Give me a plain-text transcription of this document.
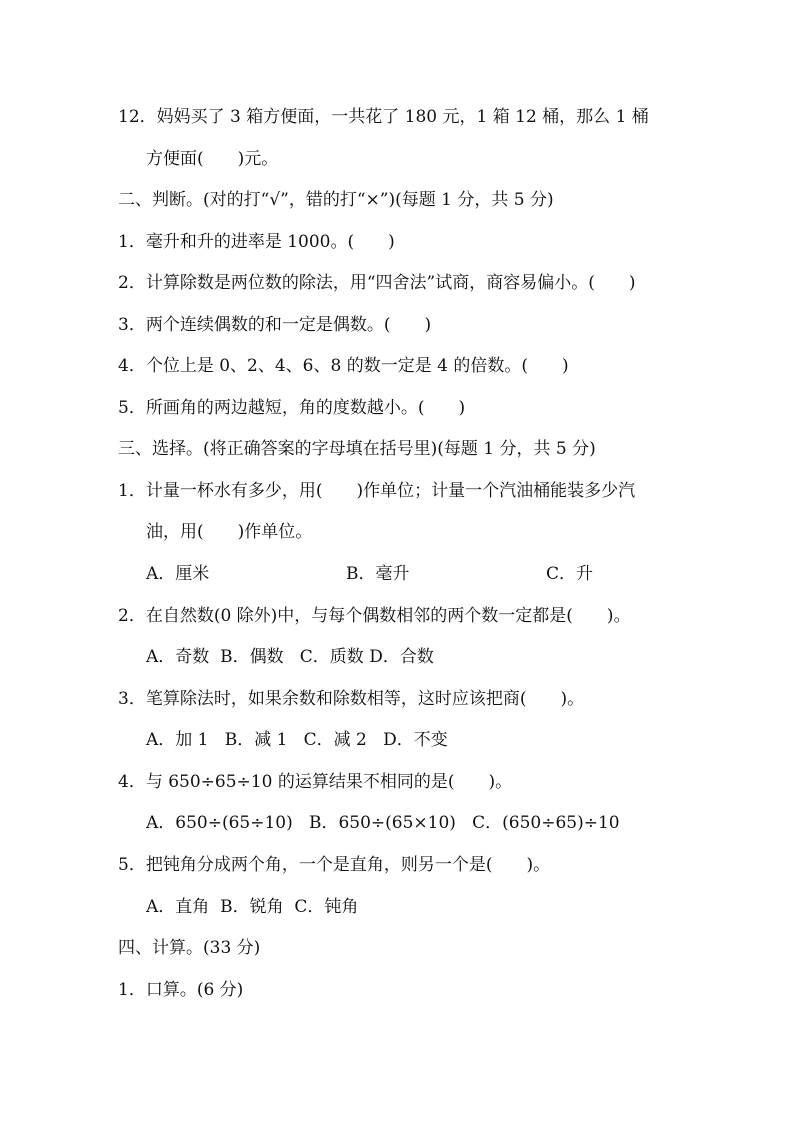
12．妈妈买了 3 箱方便面，一共花了 180 元，1 箱 12 桶，那么 1 桶
方便面(　　)元。
二、判断。(对的打“√”，错的打“×”)(每题 1 分，共 5 分)
1．毫升和升的进率是 1000。(　　)
2．计算除数是两位数的除法，用“四舍法”试商，商容易偏小。(　　)
3．两个连续偶数的和一定是偶数。(　　)
4．个位上是 0、2、4、6、8 的数一定是 4 的倍数。(　　)
5．所画角的两边越短，角的度数越小。(　　)
三、选择。(将正确答案的字母填在括号里)(每题 1 分，共 5 分)
1．计量一杯水有多少，用(　　)作单位；计量一个汽油桶能装多少汽
油，用(　　)作单位。
A．厘米	B．毫升	C．升
2．在自然数(0 除外)中，与每个偶数相邻的两个数一定都是(　　)。
A．奇数  B．偶数   C．质数 D．合数
3．笔算除法时，如果余数和除数相等，这时应该把商(　　)。
A．加 1   B．减 1   C．减 2   D．不变
4．与 650÷65÷10 的运算结果不相同的是(　　)。
A．650÷(65÷10)   B．650÷(65×10)   C．(650÷65)÷10
5．把钝角分成两个角，一个是直角，则另一个是(　　)。
A．直角  B．锐角  C．钝角
四、计算。(33 分)
1．口算。(6 分)
